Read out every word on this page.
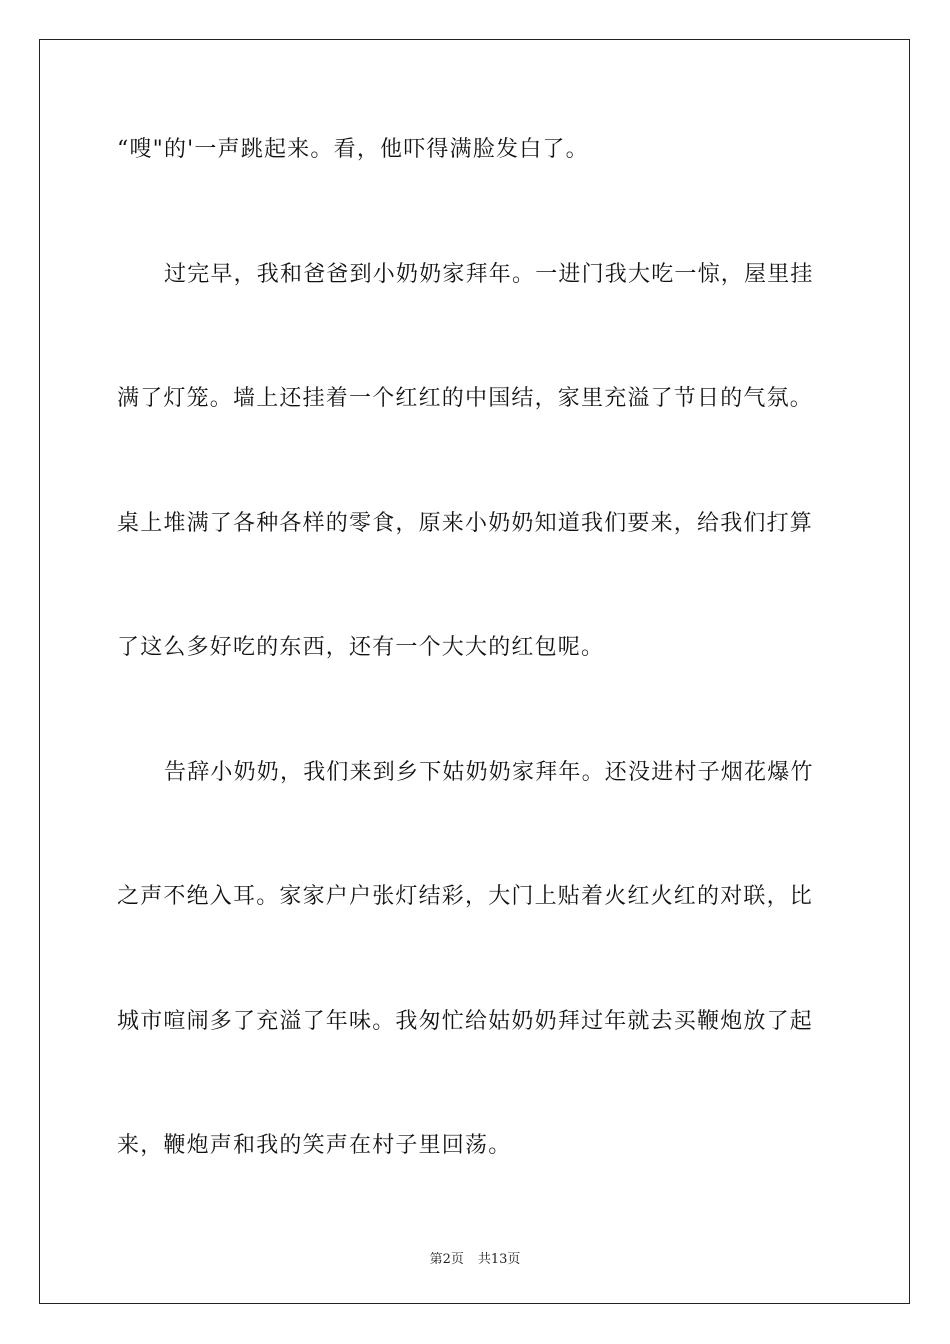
“嗖"的'一声跳起来。看，他吓得满脸发白了。
过完早，我和爸爸到小奶奶家拜年。一进门我大吃一惊，屋里挂
满了灯笼。墙上还挂着一个红红的中国结，家里充溢了节日的气氛。
桌上堆满了各种各样的零食，原来小奶奶知道我们要来，给我们打算
了这么多好吃的东西，还有一个大大的红包呢。
告辞小奶奶，我们来到乡下姑奶奶家拜年。还没进村子烟花爆竹
之声不绝入耳。家家户户张灯结彩，大门上贴着火红火红的对联，比
城市喧闹多了充溢了年味。我匆忙给姑奶奶拜过年就去买鞭炮放了起
来，鞭炮声和我的笑声在村子里回荡。
第2页 共13页
